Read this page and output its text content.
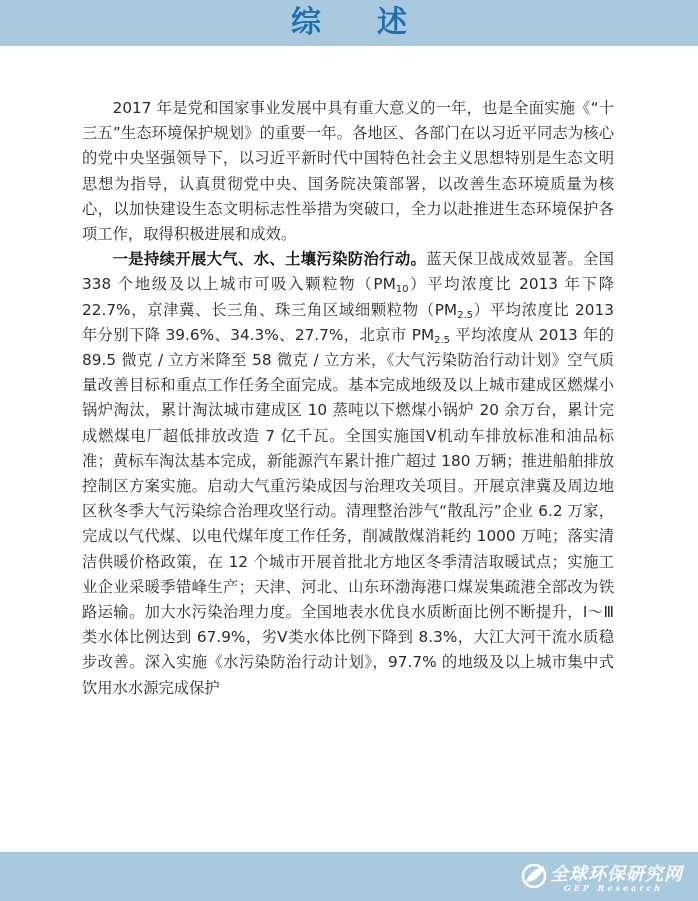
综述

2017 年是党和国家事业发展中具有重大意义的一年，也是全面实施《“十三五”生态环境保护规划》的重要一年。各地区、各部门在以习近平同志为核心的党中央坚强领导下，以习近平新时代中国特色社会主义思想特别是生态文明思想为指导，认真贯彻党中央、国务院决策部署，以改善生态环境质量为核心，以加快建设生态文明标志性举措为突破口，全力以赴推进生态环境保护各项工作，取得积极进展和成效。

一是持续开展大气、水、土壤污染防治行动。蓝天保卫战成效显著。全国 338 个地级及以上城市可吸入颗粒物$(PM_{10})$平均浓度比 2013 年下降 22.7%，京津冀、长三角、珠三角区域细颗粒物$(PM_{2.5})$平均浓度比 2013 年分别下降 39.6%、34.3%、27.7%，北京市 $PM_{2.5}$ 平均浓度从 2013 年的 89.5 微克 / 立方米降至 58 微克 / 立方米，《大气污染防治行动计划》空气质量改善目标和重点工作任务全面完成。基本完成地级及以上城市建成区燃煤小锅炉淘汰，累计淘汰城市建成区 10 蒸吨以下燃煤小锅炉 20 余万台，累计完成燃煤电厂超低排放改造 7 亿千瓦。全国实施国Ⅴ机动车排放标准和油品标准；黄标车淘汰基本完成，新能源汽车累计推广超过 180 万辆；推进船舶排放控制区方案实施。启动大气重污染成因与治理攻关项目。开展京津冀及周边地区秋冬季大气污染综合治理攻坚行动。清理整治涉气“散乱污”企业 6.2 万家，完成以气代煤、以电代煤年度工作任务，削减散煤消耗约 1000 万吨；落实清洁供暖价格政策，在 12 个城市开展首批北方地区冬季清洁取暖试点；实施工业企业采暖季错峰生产；天津、河北、山东环渤海港口煤炭集疏港全部改为铁路运输。加大水污染治理力度。全国地表水优良水质断面比例不断提升，Ⅰ～Ⅲ类水体比例达到 67.9%，劣Ⅴ类水体比例下降到 8.3%，大江大河干流水质稳步改善。深入实施《水污染防治行动计划》，97.7% 的地级及以上城市集中式饮用水水源完成保护

全球环保研究网
GEP Research
